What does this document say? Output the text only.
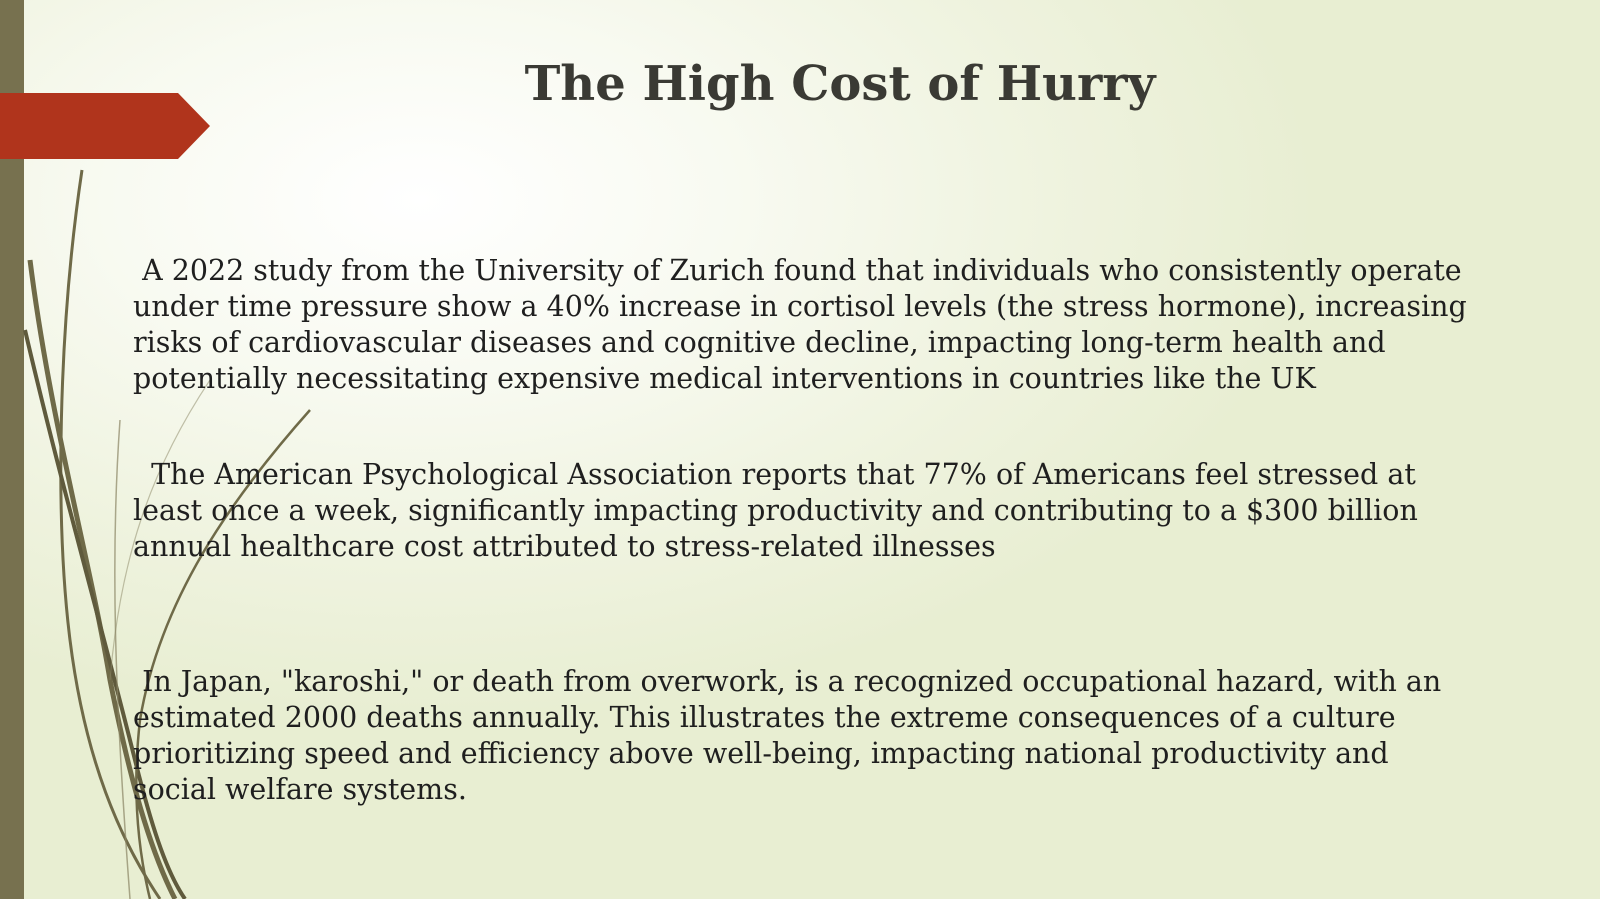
The High Cost of Hurry

A 2022 study from the University of Zurich found that individuals who consistently operate under time pressure show a 40% increase in cortisol levels (the stress hormone), increasing risks of cardiovascular diseases and cognitive decline, impacting long-term health and potentially necessitating expensive medical interventions in countries like the UK

The American Psychological Association reports that 77% of Americans feel stressed at least once a week, significantly impacting productivity and contributing to a $300 billion annual healthcare cost attributed to stress-related illnesses

In Japan, "karoshi," or death from overwork, is a recognized occupational hazard, with an estimated 2000 deaths annually. This illustrates the extreme consequences of a culture prioritizing speed and efficiency above well-being, impacting national productivity and social welfare systems.
